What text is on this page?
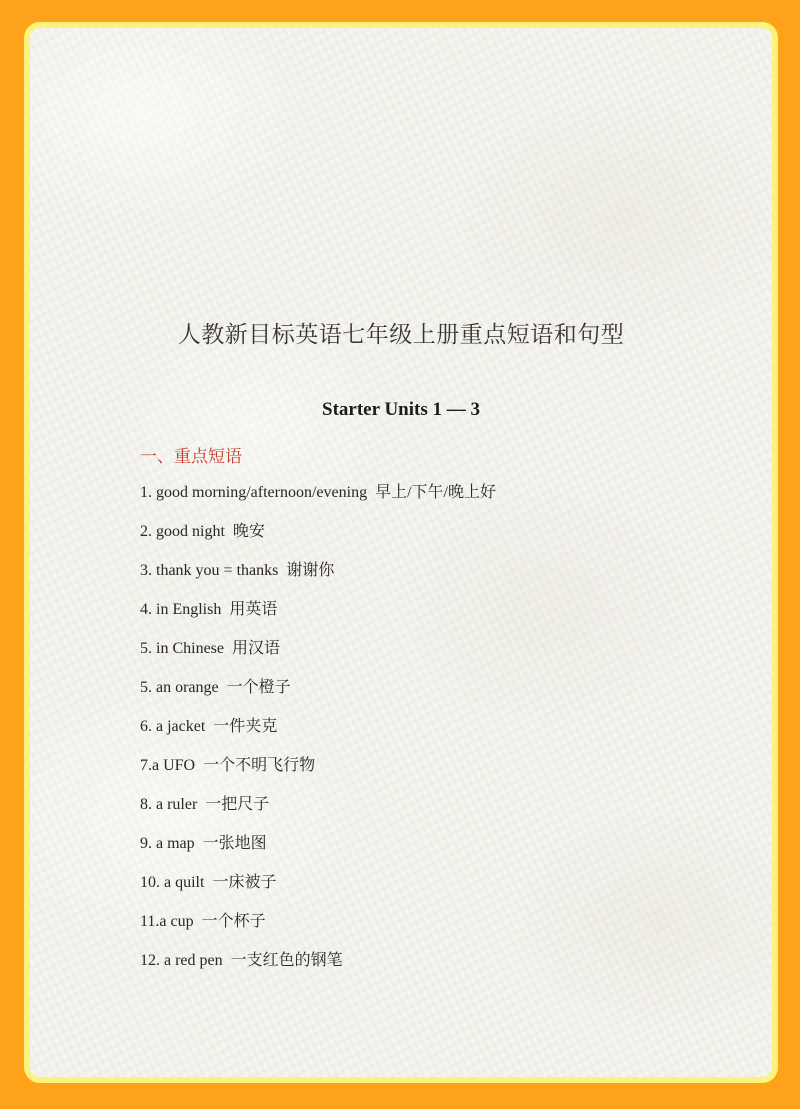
人教新目标英语七年级上册重点短语和句型
Starter Units 1 — 3
一、重点短语
1. good morning/afternoon/evening  早上/下午/晚上好
2. good night  晚安
3. thank you = thanks  谢谢你
4. in English  用英语
5. in Chinese  用汉语
5. an orange  一个橙子
6. a jacket  一件夹克
7.a UFO  一个不明飞行物
8. a ruler  一把尺子
9. a map  一张地图
10. a quilt  一床被子
11.a cup  一个杯子
12. a red pen  一支红色的钢笔
